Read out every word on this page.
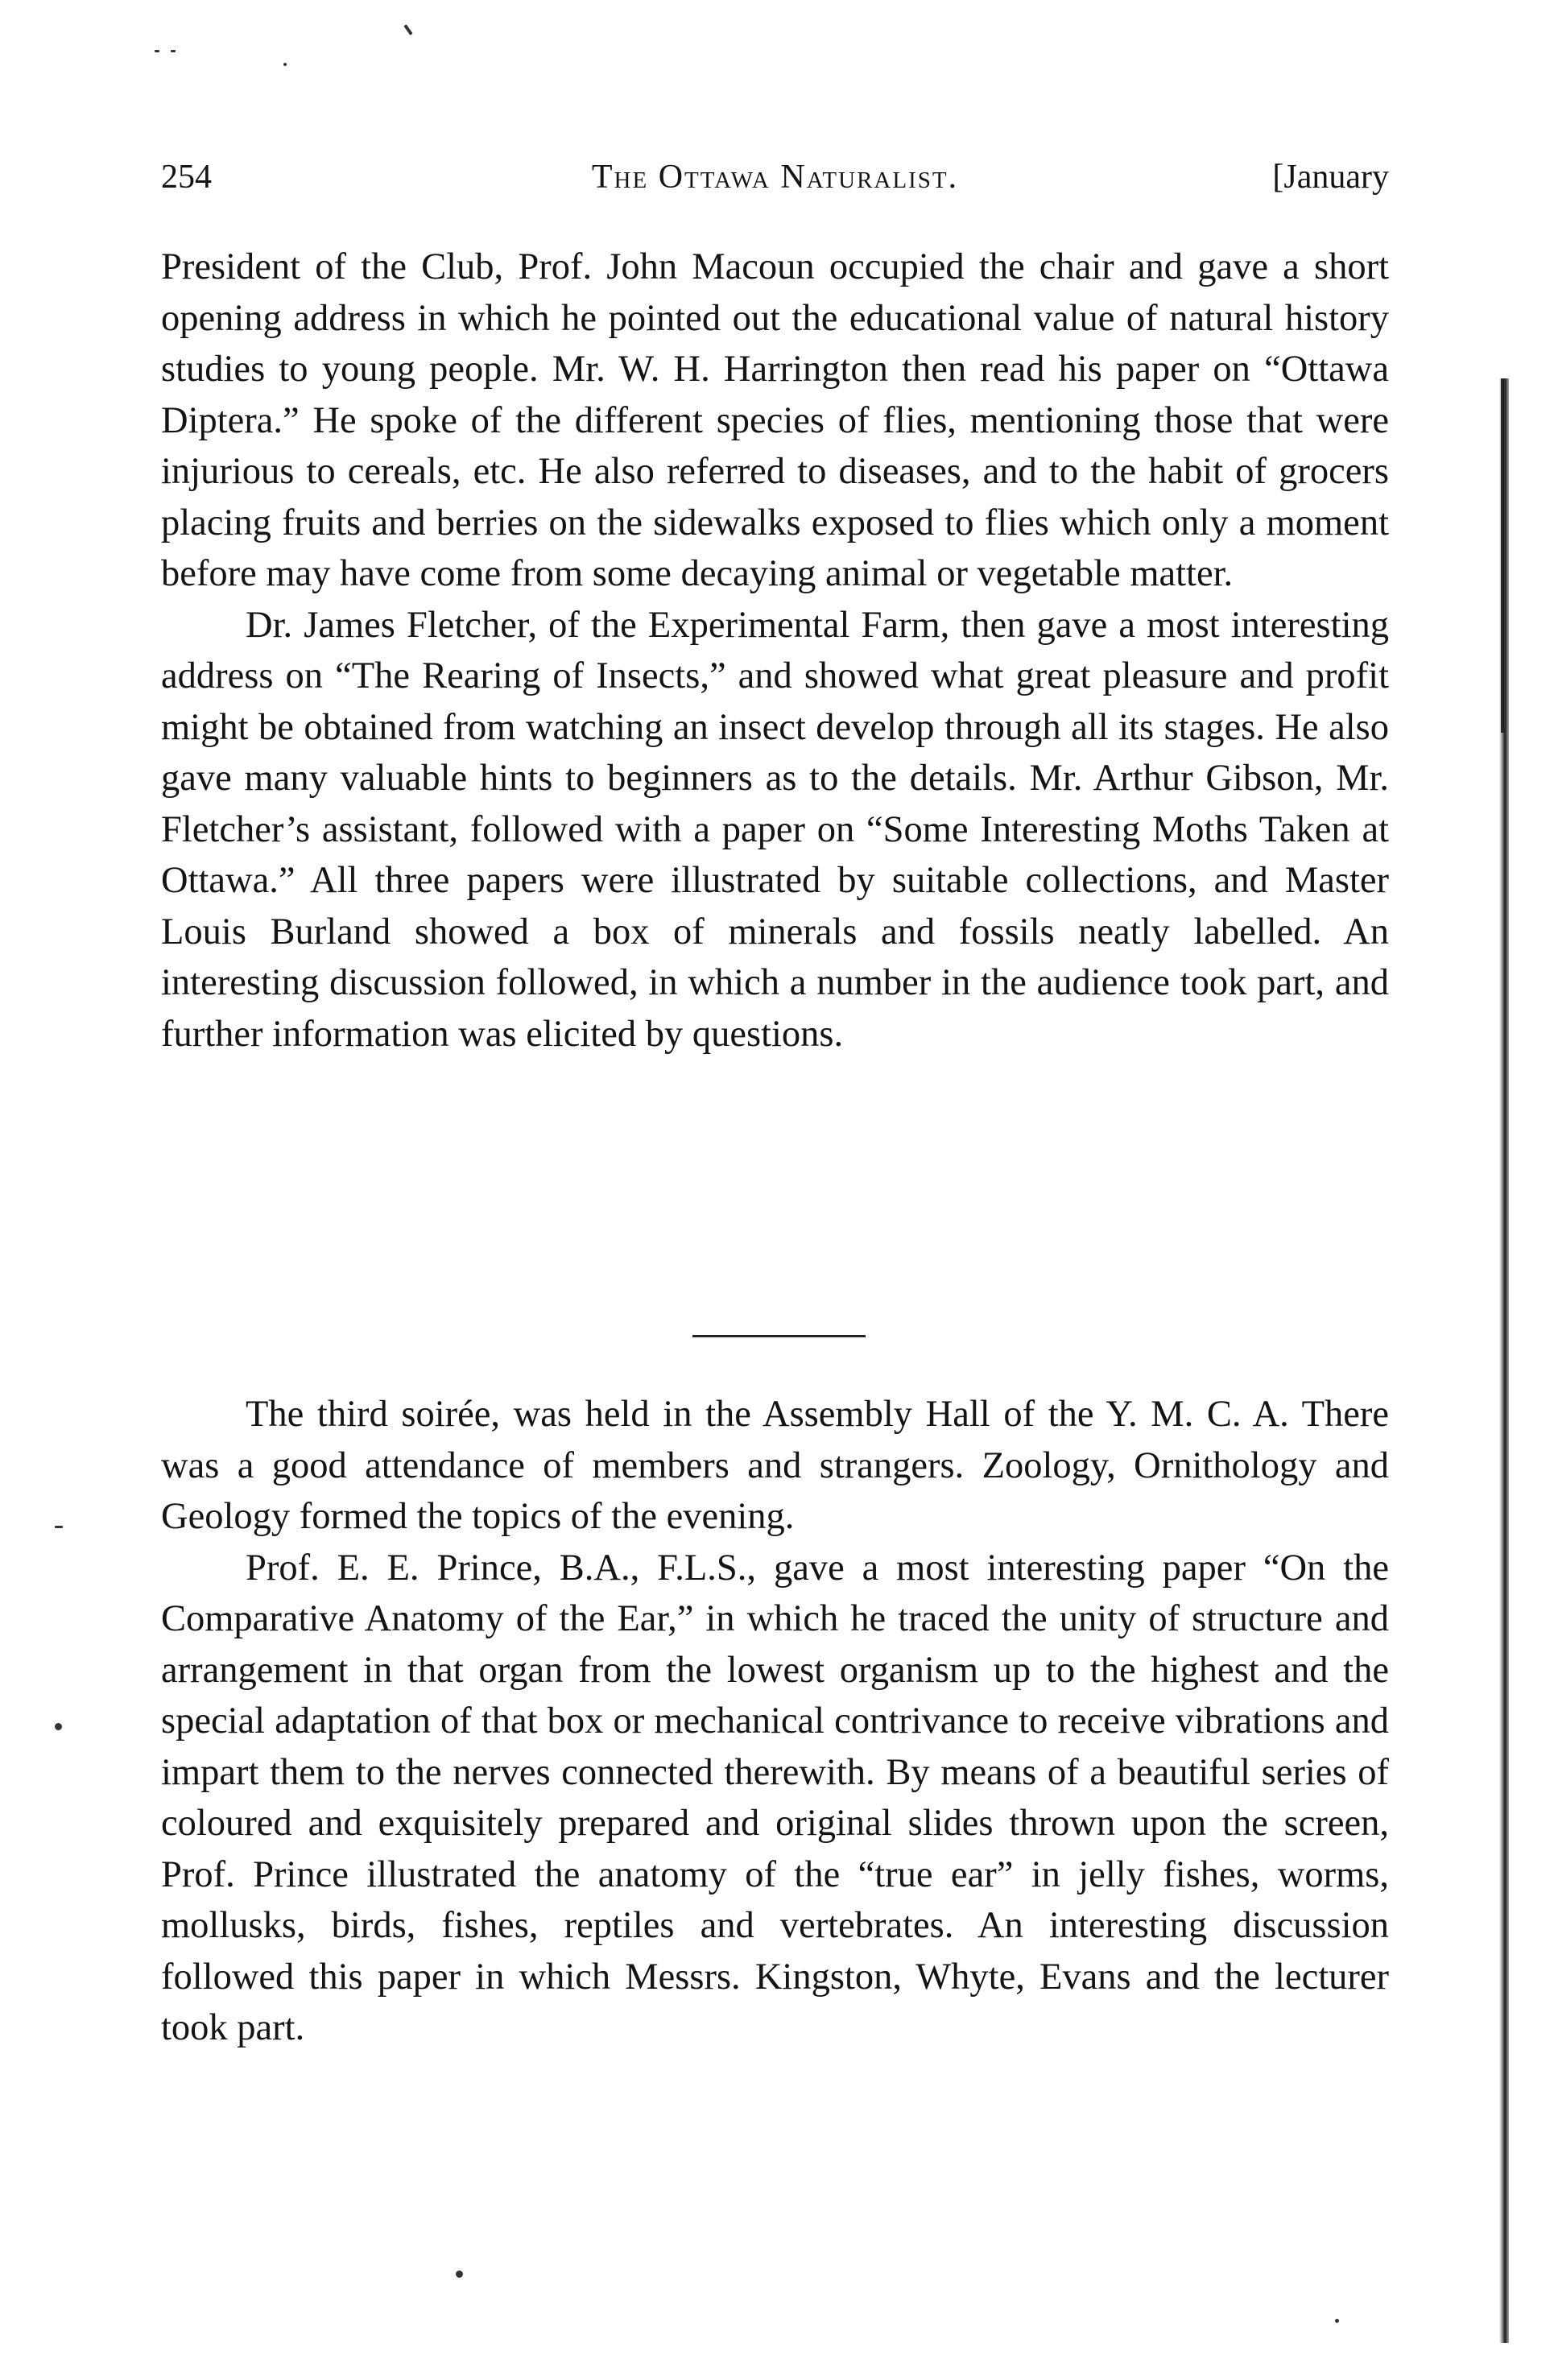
254	The Ottawa Naturalist.	[January

President of the Club, Prof. John Macoun occupied the chair and gave a short opening address in which he pointed out the educational value of natural history studies to young people. Mr. W. H. Harrington then read his paper on “Ottawa Diptera.” He spoke of the different species of flies, mentioning those that were injurious to cereals, etc. He also referred to diseases, and to the habit of grocers placing fruits and berries on the sidewalks exposed to flies which only a moment before may have come from some decaying animal or vegetable matter.

Dr. James Fletcher, of the Experimental Farm, then gave a most interesting address on “The Rearing of Insects,” and showed what great pleasure and profit might be obtained from watching an insect develop through all its stages. He also gave many valuable hints to beginners as to the details. Mr. Arthur Gibson, Mr. Fletcher’s assistant, followed with a paper on “Some Interesting Moths Taken at Ottawa.” All three papers were illustrated by suitable collections, and Master Louis Burland showed a box of minerals and fossils neatly labelled. An interesting discussion followed, in which a number in the audience took part, and further information was elicited by questions.

The third soirée, was held in the Assembly Hall of the Y. M. C. A. There was a good attendance of members and strangers. Zoology, Ornithology and Geology formed the topics of the evening.

Prof. E. E. Prince, B.A., F.L.S., gave a most interesting paper “On the Comparative Anatomy of the Ear,” in which he traced the unity of structure and arrangement in that organ from the lowest organism up to the highest and the special adaptation of that box or mechanical contrivance to receive vibrations and impart them to the nerves connected therewith. By means of a beautiful series of coloured and exquisitely prepared and original slides thrown upon the screen, Prof. Prince illustrated the anatomy of the “true ear” in jelly fishes, worms, mollusks, birds, fishes, reptiles and vertebrates. An interesting discussion followed this paper in which Messrs. Kingston, Whyte, Evans and the lecturer took part.
